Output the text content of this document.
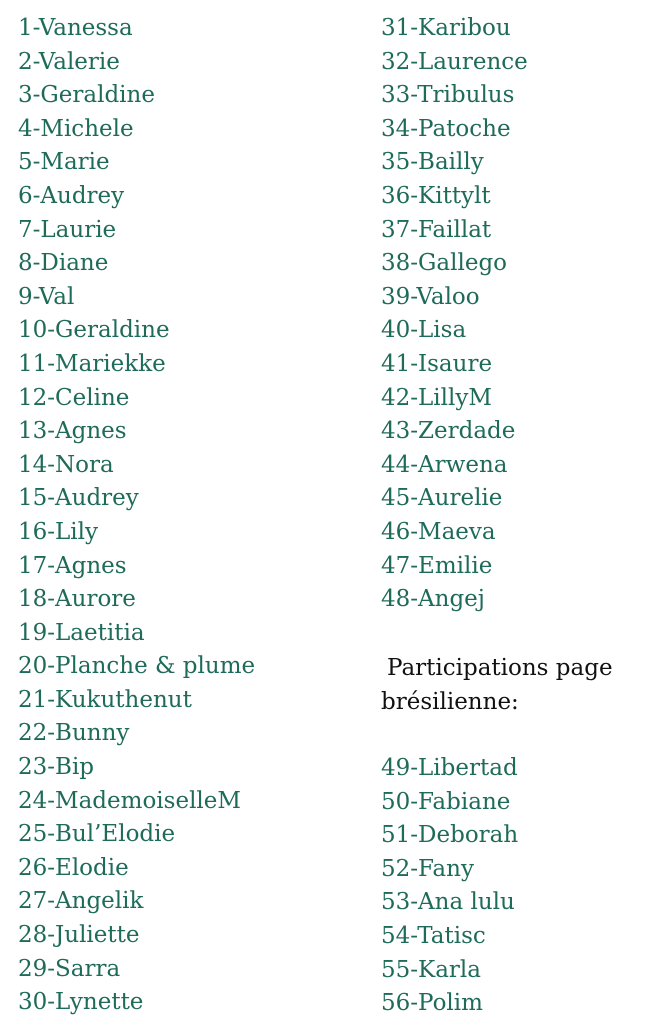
1-Vanessa
2-Valerie
3-Geraldine
4-Michele
5-Marie
6-Audrey
7-Laurie
8-Diane
9-Val
10-Geraldine
11-Mariekke
12-Celine
13-Agnes
14-Nora
15-Audrey
16-Lily
17-Agnes
18-Aurore
19-Laetitia
20-Planche & plume
21-Kukuthenut
22-Bunny
23-Bip
24-MademoiselleM
25-Bul’Elodie
26-Elodie
27-Angelik
28-Juliette
29-Sarra
30-Lynette
31-Karibou
32-Laurence
33-Tribulus
34-Patoche
35-Bailly
36-Kittylt
37-Faillat
38-Gallego
39-Valoo
40-Lisa
41-Isaure
42-LillyM
43-Zerdade
44-Arwena
45-Aurelie
46-Maeva
47-Emilie
48-Angej
Participations page
brésilienne:
49-Libertad
50-Fabiane
51-Deborah
52-Fany
53-Ana lulu
54-Tatisc
55-Karla
56-Polim
